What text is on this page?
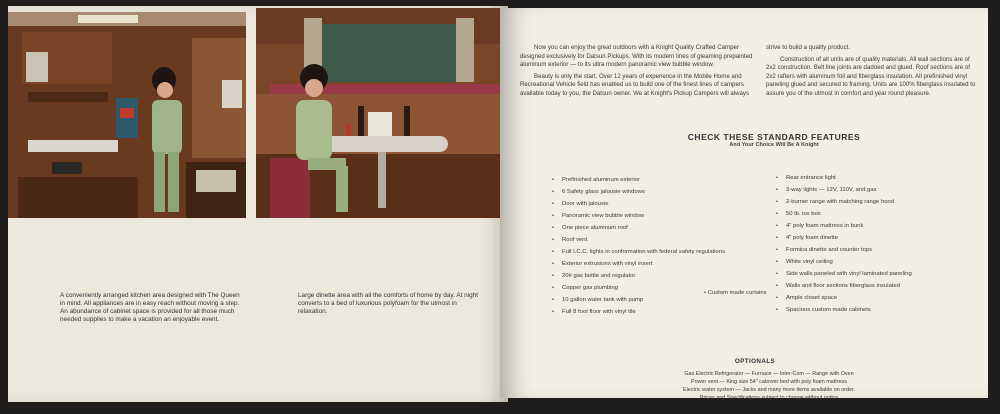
A conveniently arranged kitchen area designed with The Queen in mind. All appliances are in easy reach without moving a step. An abundance of cabinet space is provided for all those much needed supplies to make a vacation an enjoyable event.
Large dinette area with all the comforts of home by day. At night converts to a bed of luxurious polyfoam for the utmost in relaxation.

Now you can enjoy the great outdoors with a Knight Quality Crafted Camper designed exclusively for Datsun Pickups. With its modern lines of gleaming prepainted aluminum exterior — to its ultra modern panoramic view bubble window.

Beauty is only the start. Over 12 years of experience in the Mobile Home and Recreational Vehicle field has enabled us to build one of the finest lines of campers available today to you, the Datsun owner. We at Knight's Pickup Campers will always

strive to build a quality product.

Construction of all units are of quality materials. All wall sections are of 2x2 construction. Belt line joints are dadoed and glued. Roof sections are of 2x2 rafters with aluminum foil and fiberglass insulation. All prefinished vinyl paneling glued and secured to framing. Units are 100% fiberglass insulated to assure you of the utmost in comfort and year round pleasure.

CHECK THESE STANDARD FEATURES
And Your Choice Will Be A Knight
• Prefinished aluminum exterior
• 6 Safety glass jalousie windows
• Door with jalousie
• Panoramic view bubble window
• One piece aluminum roof
• Roof vent
• Full I.C.C. lights in conformation with federal safety regulations
• Exterior extrusions with vinyl insert
• 20# gas bottle and regulator
• Copper gas plumbing
• 10 gallon water tank with pump
• Full 8 foot floor with vinyl tile
• Rear entrance light
• 3-way lights — 12V, 110V, and gas
• 2-burner range with matching range hood
• 50 lb. ice box
• 4" poly foam mattress in bunk
• 4" poly foam dinette
• Formica dinette and counter tops
• White vinyl ceiling
• Side walls paneled with vinyl laminated paneling
• Walls and floor sections fiberglass insulated
• Ample closet space
• Spacious custom made cabinets
• Custom made curtains
OPTIONALS
Gas Electric Refrigerator — Furnace — Inter-Com — Range with Oven
Power vent — King size 54" cabover bed with poly foam mattress
Electric water system — Jacks and many more items available on order.
Prices and Specifications subject to change without notice
